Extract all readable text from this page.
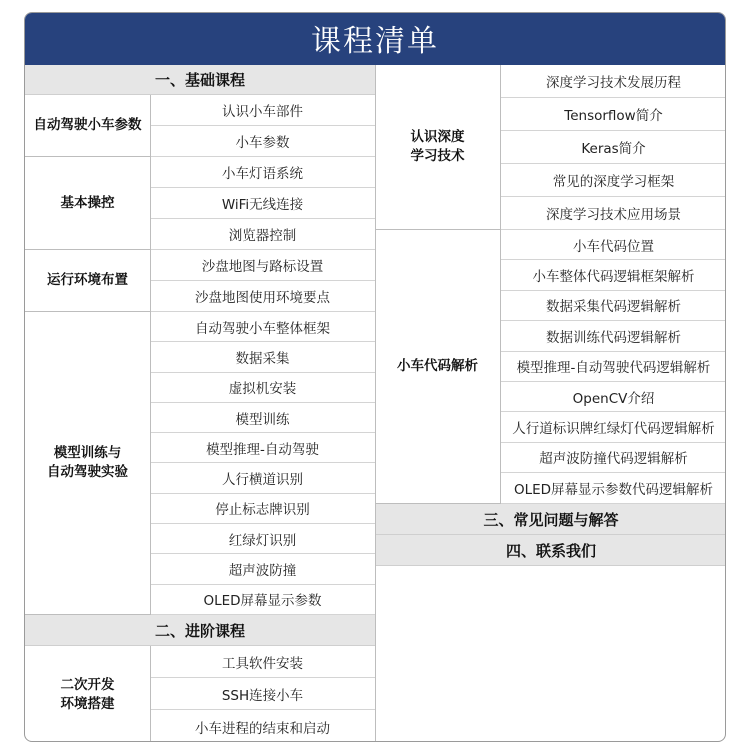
课程清单
一、基础课程
自动驾驶小车参数
认识小车部件
小车参数
基本操控
小车灯语系统
WiFi无线连接
浏览器控制
运行环境布置
沙盘地图与路标设置
沙盘地图使用环境要点
模型训练与
自动驾驶实验
自动驾驶小车整体框架
数据采集
虚拟机安装
模型训练
模型推理-自动驾驶
人行横道识别
停止标志牌识别
红绿灯识别
超声波防撞
OLED屏幕显示参数
二、进阶课程
二次开发
环境搭建
工具软件安装
SSH连接小车
小车进程的结束和启动
认识深度
学习技术
深度学习技术发展历程
Tensorflow简介
Keras简介
常见的深度学习框架
深度学习技术应用场景
小车代码解析
小车代码位置
小车整体代码逻辑框架解析
数据采集代码逻辑解析
数据训练代码逻辑解析
模型推理-自动驾驶代码逻辑解析
OpenCV介绍
人行道标识牌红绿灯代码逻辑解析
超声波防撞代码逻辑解析
OLED屏幕显示参数代码逻辑解析
三、常见问题与解答
四、联系我们
